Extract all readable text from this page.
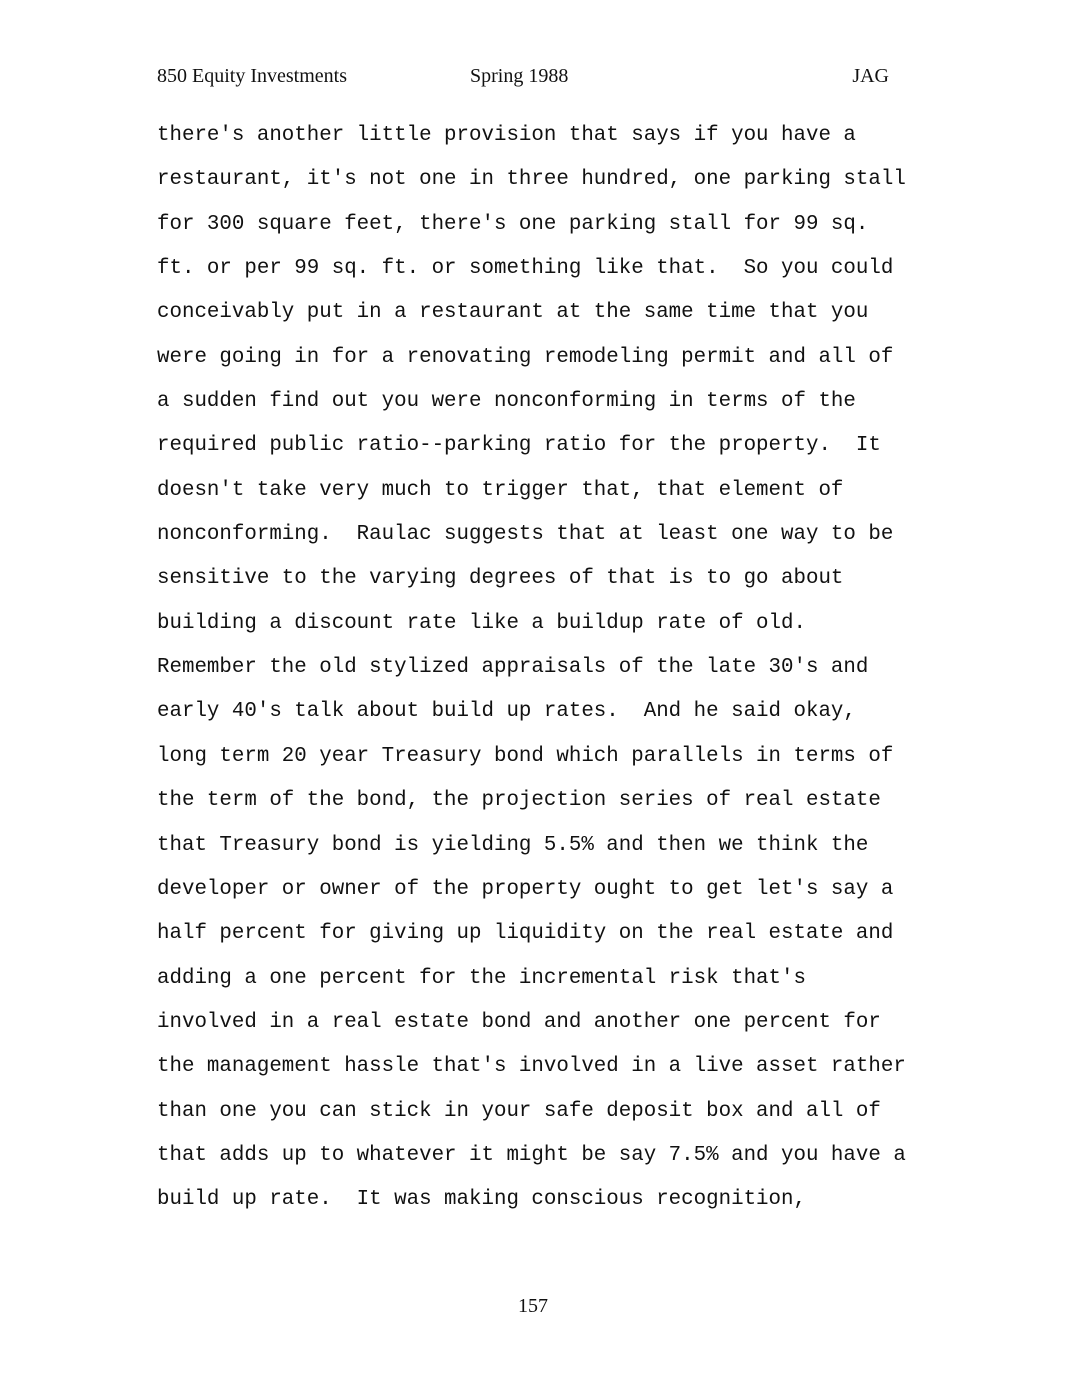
850 Equity Investments	Spring 1988	JAG
there's another little provision that says if you have a
restaurant, it's not one in three hundred, one parking stall
for 300 square feet, there's one parking stall for 99 sq.
ft. or per 99 sq. ft. or something like that.  So you could
conceivably put in a restaurant at the same time that you
were going in for a renovating remodeling permit and all of
a sudden find out you were nonconforming in terms of the
required public ratio--parking ratio for the property.  It
doesn't take very much to trigger that, that element of
nonconforming.  Raulac suggests that at least one way to be
sensitive to the varying degrees of that is to go about
building a discount rate like a buildup rate of old.
Remember the old stylized appraisals of the late 30's and
early 40's talk about build up rates.  And he said okay,
long term 20 year Treasury bond which parallels in terms of
the term of the bond, the projection series of real estate
that Treasury bond is yielding 5.5% and then we think the
developer or owner of the property ought to get let's say a
half percent for giving up liquidity on the real estate and
adding a one percent for the incremental risk that's
involved in a real estate bond and another one percent for
the management hassle that's involved in a live asset rather
than one you can stick in your safe deposit box and all of
that adds up to whatever it might be say 7.5% and you have a
build up rate.  It was making conscious recognition,
157
